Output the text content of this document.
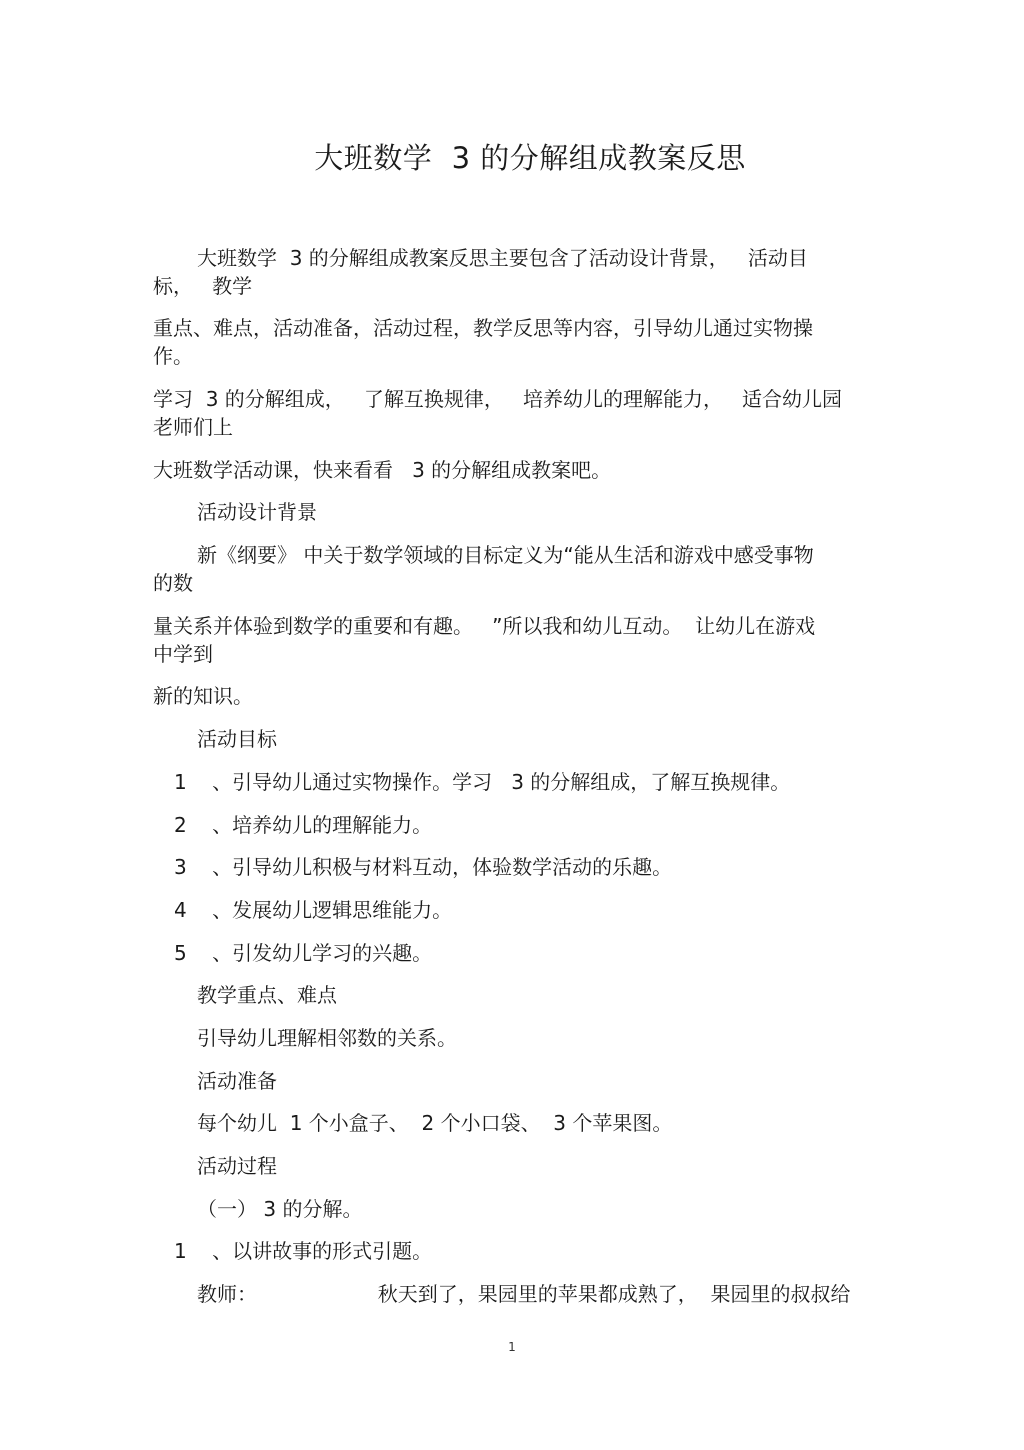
大班数学  3 的分解组成教案反思
大班数学  3 的分解组成教案反思主要包含了活动设计背景，   活动目
标，   教学
重点、难点，活动准备，活动过程，教学反思等内容，引导幼儿通过实物操
作。
学习  3 的分解组成，   了解互换规律，   培养幼儿的理解能力，   适合幼儿园
老师们上
大班数学活动课，快来看看   3 的分解组成教案吧。
活动设计背景
新《纲要》 中关于数学领域的目标定义为“能从生活和游戏中感受事物
的数
量关系并体验到数学的重要和有趣。   ”所以我和幼儿互动。  让幼儿在游戏
中学到
新的知识。
活动目标
1    、引导幼儿通过实物操作。学习   3 的分解组成，了解互换规律。
2    、培养幼儿的理解能力。
3    、引导幼儿积极与材料互动，体验数学活动的乐趣。
4    、发展幼儿逻辑思维能力。
5    、引发幼儿学习的兴趣。
教学重点、难点
引导幼儿理解相邻数的关系。
活动准备
每个幼儿  1 个小盒子、  2 个小口袋、  3 个苹果图。
活动过程
（一） 3 的分解。
1    、以讲故事的形式引题。
教师：                   秋天到了，果园里的苹果都成熟了，  果园里的叔叔给
1
